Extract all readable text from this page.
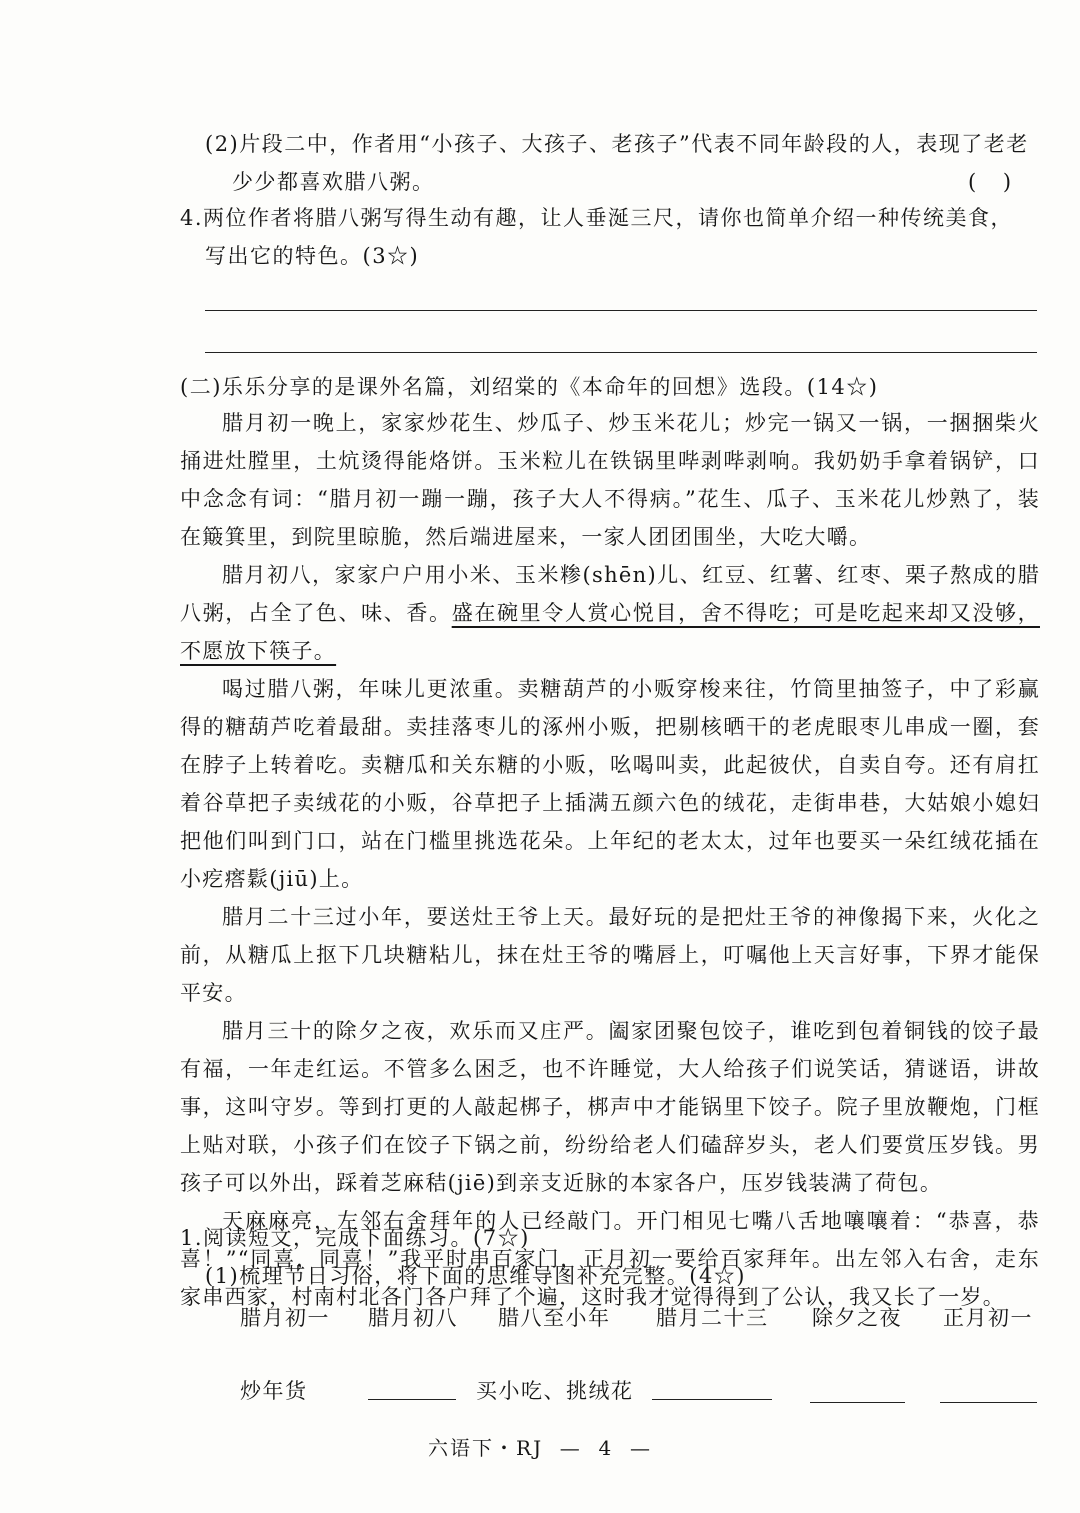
(2)片段二中，作者用“小孩子、大孩子、老孩子”代表不同年龄段的人，表现了老老
少少都喜欢腊八粥。	(    )
4.两位作者将腊八粥写得生动有趣，让人垂涎三尺，请你也简单介绍一种传统美食，
写出它的特色。(3☆)
(二)乐乐分享的是课外名篇，刘绍棠的《本命年的回想》选段。(14☆)

腊月初一晚上，家家炒花生、炒瓜子、炒玉米花儿；炒完一锅又一锅，一捆捆柴火捅进灶膛里，土炕烫得能烙饼。玉米粒儿在铁锅里哔剥哔剥响。我奶奶手拿着锅铲，口中念念有词：“腊月初一蹦一蹦，孩子大人不得病。”花生、瓜子、玉米花儿炒熟了，装在簸箕里，到院里晾脆，然后端进屋来，一家人团团围坐，大吃大嚼。

腊月初八，家家户户用小米、玉米糁(shēn)儿、红豆、红薯、红枣、栗子熬成的腊八粥，占全了色、味、香。盛在碗里令人赏心悦目，舍不得吃；可是吃起来却又没够，不愿放下筷子。

喝过腊八粥，年味儿更浓重。卖糖葫芦的小贩穿梭来往，竹筒里抽签子，中了彩赢得的糖葫芦吃着最甜。卖挂落枣儿的涿州小贩，把剔核晒干的老虎眼枣儿串成一圈，套在脖子上转着吃。卖糖瓜和关东糖的小贩，吆喝叫卖，此起彼伏，自卖自夸。还有肩扛着谷草把子卖绒花的小贩，谷草把子上插满五颜六色的绒花，走街串巷，大姑娘小媳妇把他们叫到门口，站在门槛里挑选花朵。上年纪的老太太，过年也要买一朵红绒花插在小疙瘩鬏(jiū)上。

腊月二十三过小年，要送灶王爷上天。最好玩的是把灶王爷的神像揭下来，火化之前，从糖瓜上抠下几块糖粘儿，抹在灶王爷的嘴唇上，叮嘱他上天言好事，下界才能保平安。

腊月三十的除夕之夜，欢乐而又庄严。阖家团聚包饺子，谁吃到包着铜钱的饺子最有福，一年走红运。不管多么困乏，也不许睡觉，大人给孩子们说笑话，猜谜语，讲故事，这叫守岁。等到打更的人敲起梆子，梆声中才能锅里下饺子。院子里放鞭炮，门框上贴对联，小孩子们在饺子下锅之前，纷纷给老人们磕辞岁头，老人们要赏压岁钱。男孩子可以外出，踩着芝麻秸(jiē)到亲支近脉的本家各户，压岁钱装满了荷包。

天麻麻亮，左邻右舍拜年的人已经敲门。开门相见七嘴八舌地嚷嚷着：“恭喜，恭喜！”“同喜，同喜！”我平时串百家门，正月初一要给百家拜年。出左邻入右舍，走东家串西家，村南村北各门各户拜了个遍，这时我才觉得得到了公认，我又长了一岁。

1.阅读短文，完成下面练习。(7☆)
(1)梳理节日习俗，将下面的思维导图补充完整。(4☆)
腊月初一 腊月初八 腊八至小年 腊月二十三 除夕之夜 正月初一
炒年货	买小吃、挑绒花
六语下・RJ  —  4  —
